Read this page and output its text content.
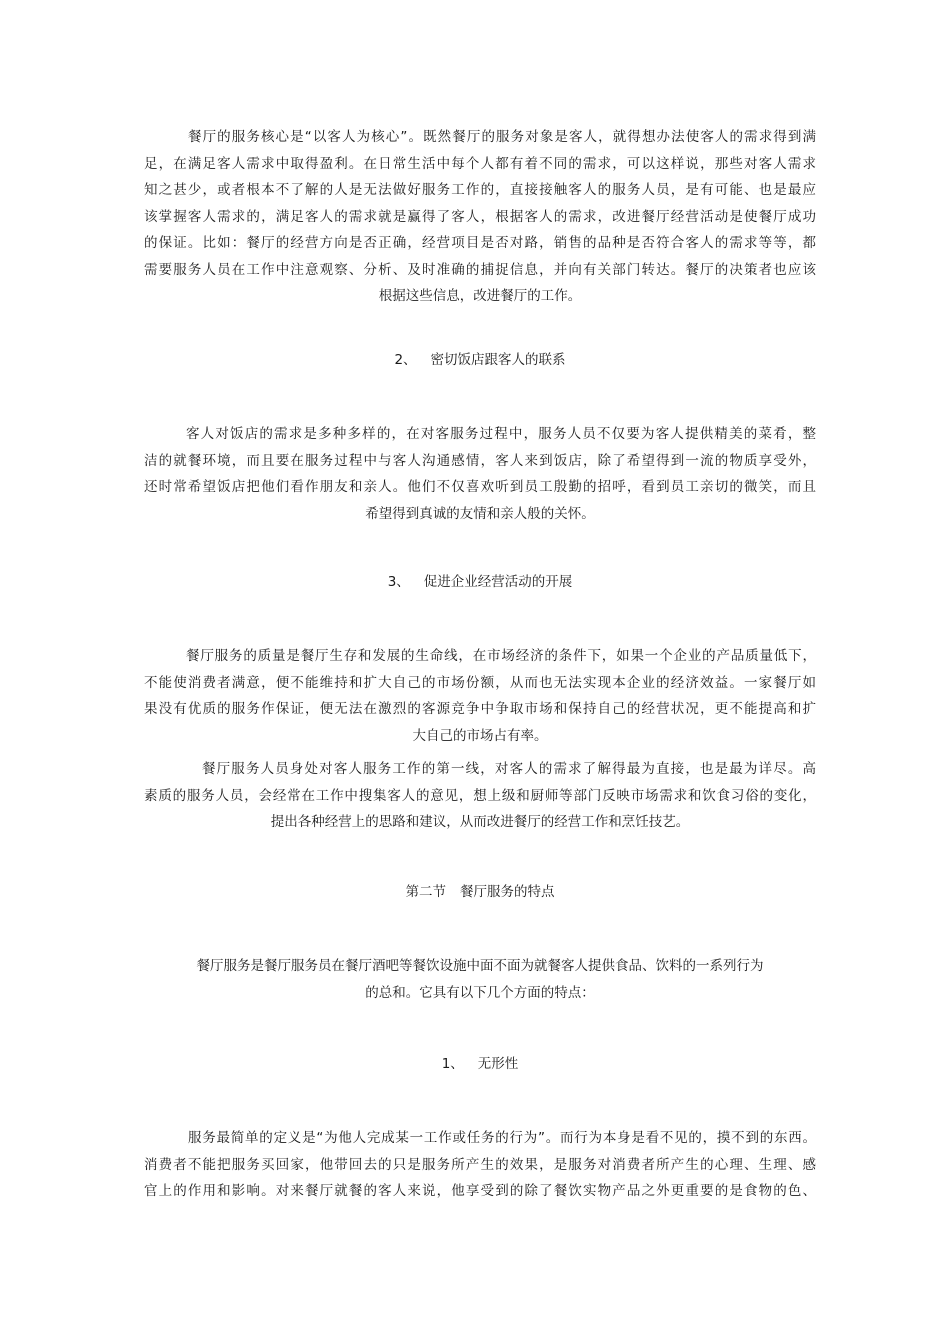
餐厅的服务核心是“以客人为核心”。既然餐厅的服务对象是客人，就得想办法使客人的需求得到满
足，在满足客人需求中取得盈利。在日常生活中每个人都有着不同的需求，可以这样说，那些对客人需求
知之甚少，或者根本不了解的人是无法做好服务工作的，直接接触客人的服务人员，是有可能、也是最应
该掌握客人需求的，满足客人的需求就是赢得了客人，根据客人的需求，改进餐厅经营活动是使餐厅成功
的保证。比如：餐厅的经营方向是否正确，经营项目是否对路，销售的品种是否符合客人的需求等等，都
需要服务人员在工作中注意观察、分析、及时准确的捕捉信息，并向有关部门转达。餐厅的决策者也应该
根据这些信息，改进餐厅的工作。
2、 密切饭店跟客人的联系
客人对饭店的需求是多种多样的，在对客服务过程中，服务人员不仅要为客人提供精美的菜肴，整
洁的就餐环境，而且要在服务过程中与客人沟通感情，客人来到饭店，除了希望得到一流的物质享受外，
还时常希望饭店把他们看作朋友和亲人。他们不仅喜欢听到员工殷勤的招呼，看到员工亲切的微笑，而且
希望得到真诚的友情和亲人般的关怀。
3、 促进企业经营活动的开展
餐厅服务的质量是餐厅生存和发展的生命线，在市场经济的条件下，如果一个企业的产品质量低下，
不能使消费者满意，便不能维持和扩大自己的市场份额，从而也无法实现本企业的经济效益。一家餐厅如
果没有优质的服务作保证，便无法在激烈的客源竞争中争取市场和保持自己的经营状况，更不能提高和扩
大自己的市场占有率。
餐厅服务人员身处对客人服务工作的第一线，对客人的需求了解得最为直接，也是最为详尽。高
素质的服务人员，会经常在工作中搜集客人的意见，想上级和厨师等部门反映市场需求和饮食习俗的变化，
提出各种经营上的思路和建议，从而改进餐厅的经营工作和烹饪技艺。
第二节 餐厅服务的特点
餐厅服务是餐厅服务员在餐厅酒吧等餐饮设施中面不面为就餐客人提供食品、饮料的一系列行为
的总和。它具有以下几个方面的特点：
1、 无形性
服务最简单的定义是“为他人完成某一工作或任务的行为”。而行为本身是看不见的，摸不到的东西。
消费者不能把服务买回家，他带回去的只是服务所产生的效果，是服务对消费者所产生的心理、生理、感
官上的作用和影响。对来餐厅就餐的客人来说，他享受到的除了餐饮实物产品之外更重要的是食物的色、
